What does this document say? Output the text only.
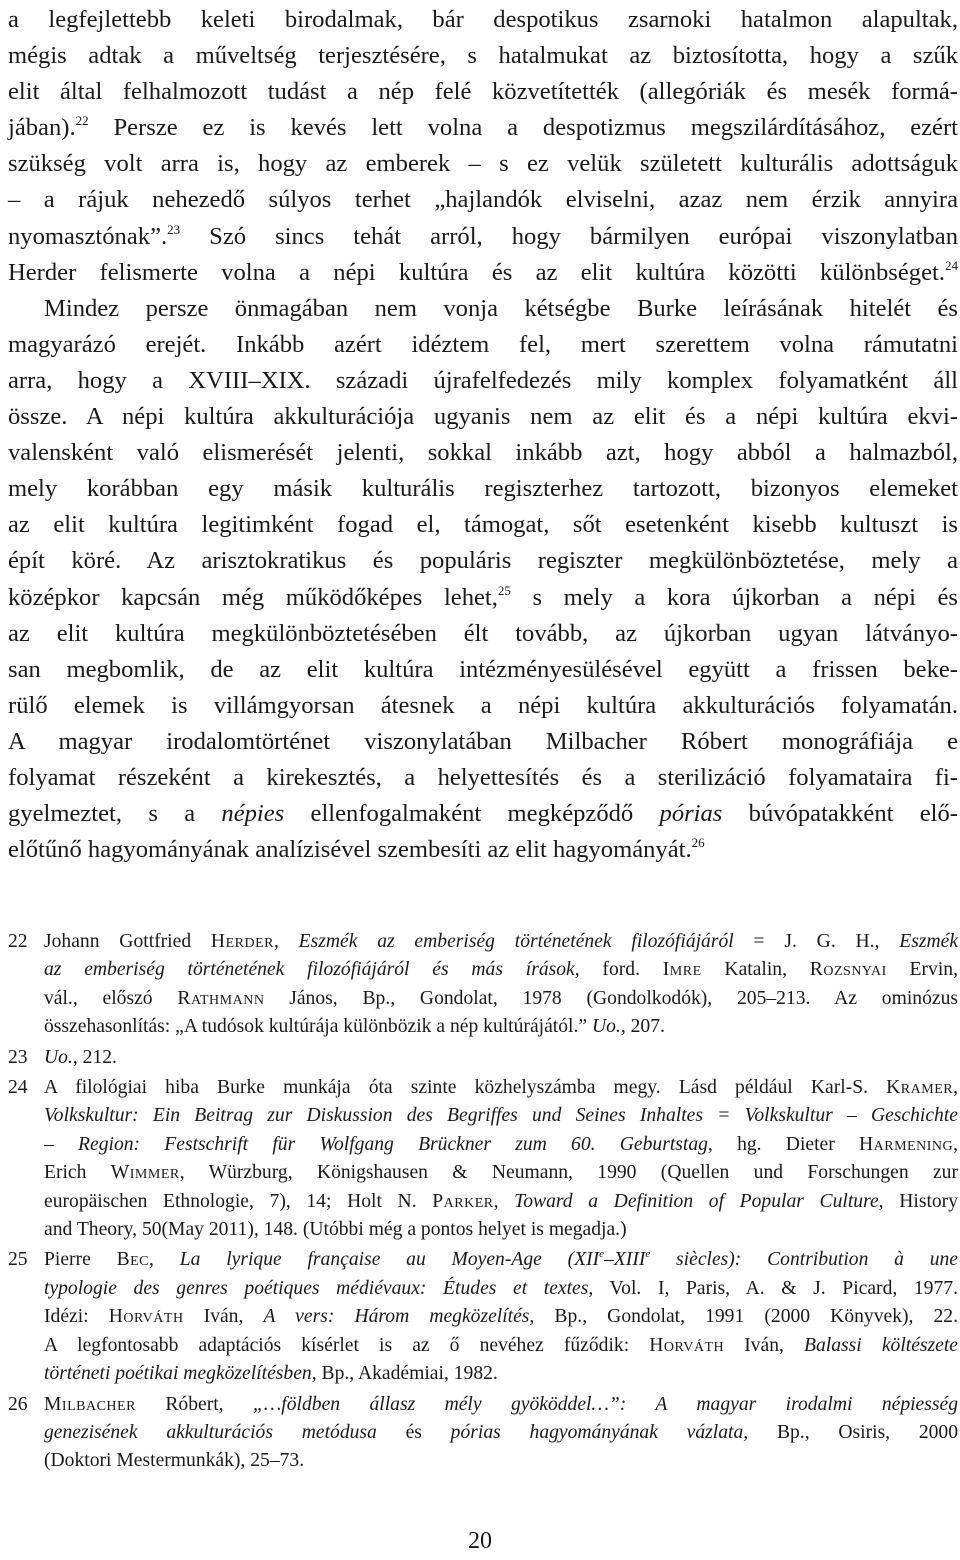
a legfejlettebb keleti birodalmak, bár despotikus zsarnoki hatalmon alapultak,
mégis adtak a műveltség terjesztésére, s hatalmukat az biztosította, hogy a szűk
elit által felhalmozott tudást a nép felé közvetítették (allegóriák és mesék formá-
jában).$^{22}$ Persze ez is kevés lett volna a despotizmus megszilárdításához, ezért
szükség volt arra is, hogy az emberek – s ez velük született kulturális adottságuk
– a rájuk nehezedő súlyos terhet „hajlandók elviselni, azaz nem érzik annyira
nyomasztónak”.$^{23}$ Szó sincs tehát arról, hogy bármilyen európai viszonylatban
Herder felismerte volna a népi kultúra és az elit kultúra közötti különbséget.$^{24}$
Mindez persze önmagában nem vonja kétségbe Burke leírásának hitelét és
magyarázó erejét. Inkább azért idéztem fel, mert szerettem volna rámutatni
arra, hogy a XVIII–XIX. századi újrafelfedezés mily komplex folyamatként áll
össze. A népi kultúra akkulturációja ugyanis nem az elit és a népi kultúra ekvi-
valensként való elismerését jelenti, sokkal inkább azt, hogy abból a halmazból,
mely korábban egy másik kulturális regiszterhez tartozott, bizonyos elemeket
az elit kultúra legitimként fogad el, támogat, sőt esetenként kisebb kultuszt is
épít köré. Az arisztokratikus és populáris regiszter megkülönböztetése, mely a
középkor kapcsán még működőképes lehet,$^{25}$ s mely a kora újkorban a népi és
az elit kultúra megkülönböztetésében élt tovább, az újkorban ugyan látványo-
san megbomlik, de az elit kultúra intézményesülésével együtt a frissen beke-
rülő elemek is villámgyorsan átesnek a népi kultúra akkulturációs folyamatán.
A magyar irodalomtörténet viszonylatában Milbacher Róbert monográfiája e
folyamat részeként a kirekesztés, a helyettesítés és a sterilizáció folyamataira fi-
gyelmeztet, s a népies ellenfogalmaként megképződő pórias búvópatakként elő-
előtűnő hagyományának analízisével szembesíti az elit hagyományát.$^{26}$
22 Johann Gottfried Herder, Eszmék az emberiség történetének filozófiájáról = J. G. H., Eszmék
az emberiség történetének filozófiájáról és más írások, ford. Imre Katalin, Rozsnyai Ervin,
vál., előszó Rathmann János, Bp., Gondolat, 1978 (Gondolkodók), 205–213. Az ominózus
összehasonlítás: „A tudósok kultúrája különbözik a nép kultúrájától.” Uo., 207.
23 Uo., 212.
24 A filológiai hiba Burke munkája óta szinte közhelyszámba megy. Lásd például Karl-S. Kramer,
Volkskultur: Ein Beitrag zur Diskussion des Begriffes und Seines Inhaltes = Volkskultur – Geschichte
– Region: Festschrift für Wolfgang Brückner zum 60. Geburtstag, hg. Dieter Harmening,
Erich Wimmer, Würzburg, Königshausen & Neumann, 1990 (Quellen und Forschungen zur
europäischen Ethnologie, 7), 14; Holt N. Parker, Toward a Definition of Popular Culture, History
and Theory, 50(May 2011), 148. (Utóbbi még a pontos helyet is megadja.)
25 Pierre Bec, La lyrique française au Moyen-Age (XIIe–XIIIe siècles): Contribution à une
typologie des genres poétiques médiévaux: Études et textes, Vol. I, Paris, A. & J. Picard, 1977.
Idézi: Horváth Iván, A vers: Három megközelítés, Bp., Gondolat, 1991 (2000 Könyvek), 22.
A legfontosabb adaptációs kísérlet is az ő nevéhez fűződik: Horváth Iván, Balassi költészete
történeti poétikai megközelítésben, Bp., Akadémiai, 1982.
26 Milbacher Róbert, „…földben állasz mély gyököddel…”: A magyar irodalmi népiesség
genezisének akkulturációs metódusa és pórias hagyományának vázlata, Bp., Osiris, 2000
(Doktori Mestermunkák), 25–73.
20
